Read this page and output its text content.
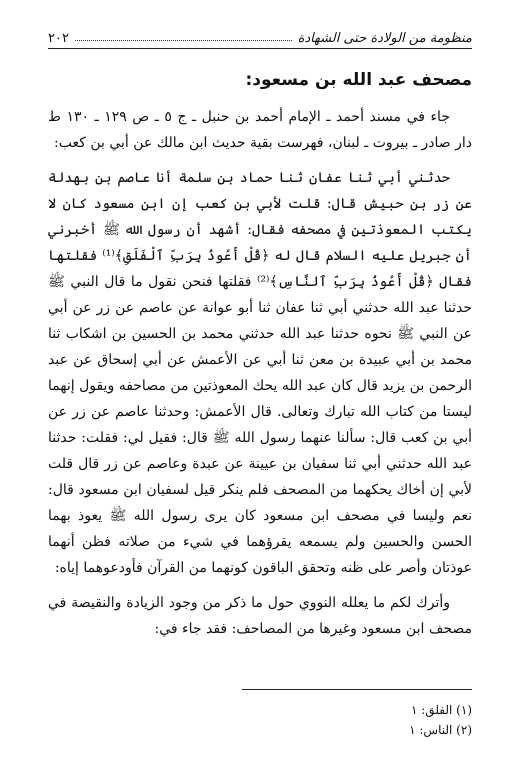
منظومة من الولادة حتى الشهادة
٢٠٢
مصحف عبد الله بن مسعود:

جاء في مسند أحمد ـ الإمام أحمد بن حنبل ـ ج ٥ ـ ص ١٢٩ ـ ١٣٠ ط دار صادر ـ بيروت ـ لبنان، فهرست بقية حديث ابن مالك عن أبي بن كعب:

حدثني أبي ثنا عفان ثنا حماد بن سلمة أنا عاصم بن بهدلة عن زر بن حبيش قال: قلت لأبي بن كعب إن ابن مسعود كان لا يكتب المعوذتين في مصحفه فقال: أشهد أن رسول الله ﷺ أخبرني أن جبريل عليه السلام قال له ﴿قُلْ أَعُوذُ بِرَبِّ ٱلْفَلَقِ﴾⁽¹⁾ فقلتها فقال ﴿قُلْ أَعُوذُ بِرَبِّ ٱلنَّاسِ﴾⁽²⁾ فقلتها فنحن نقول ما قال النبي ﷺ حدثنا عبد الله حدثني أبي ثنا عفان ثنا أبو عوانة عن عاصم عن زر عن أبي عن النبي ﷺ نحوه حدثنا عبد الله حدثني محمد بن الحسين بن اشكاب ثنا محمد بن أبي عبيدة بن معن ثنا أبي عن الأعمش عن أبي إسحاق عن عبد الرحمن بن يزيد قال كان عبد الله يحك المعوذتين من مصاحفه ويقول إنهما ليستا من كتاب الله تبارك وتعالى. قال الأعمش: وحدثنا عاصم عن زر عن أبي بن كعب قال: سألنا عنهما رسول الله ﷺ قال: فقيل لي: فقلت: حدثنا عبد الله حدثني أبي ثنا سفيان بن عيينة عن عبدة وعاصم عن زر قال قلت لأبي إن أخاك يحكهما من المصحف فلم ينكر قيل لسفيان ابن مسعود قال: نعم وليسا في مصحف ابن مسعود كان يرى رسول الله ﷺ يعوذ بهما الحسن والحسين ولم يسمعه يقرؤهما في شيء من صلاته فظن أنهما عوذتان وأصر على ظنه وتحقق الباقون كونهما من القرآن فأودعوهما إياه:

وأترك لكم ما يعلله النووي حول ما ذكر من وجود الزيادة والنقيصة في مصحف ابن مسعود وغيرها من المصاحف: فقد جاء في:

(١) الفلق: ١

(٢) الناس: ١
